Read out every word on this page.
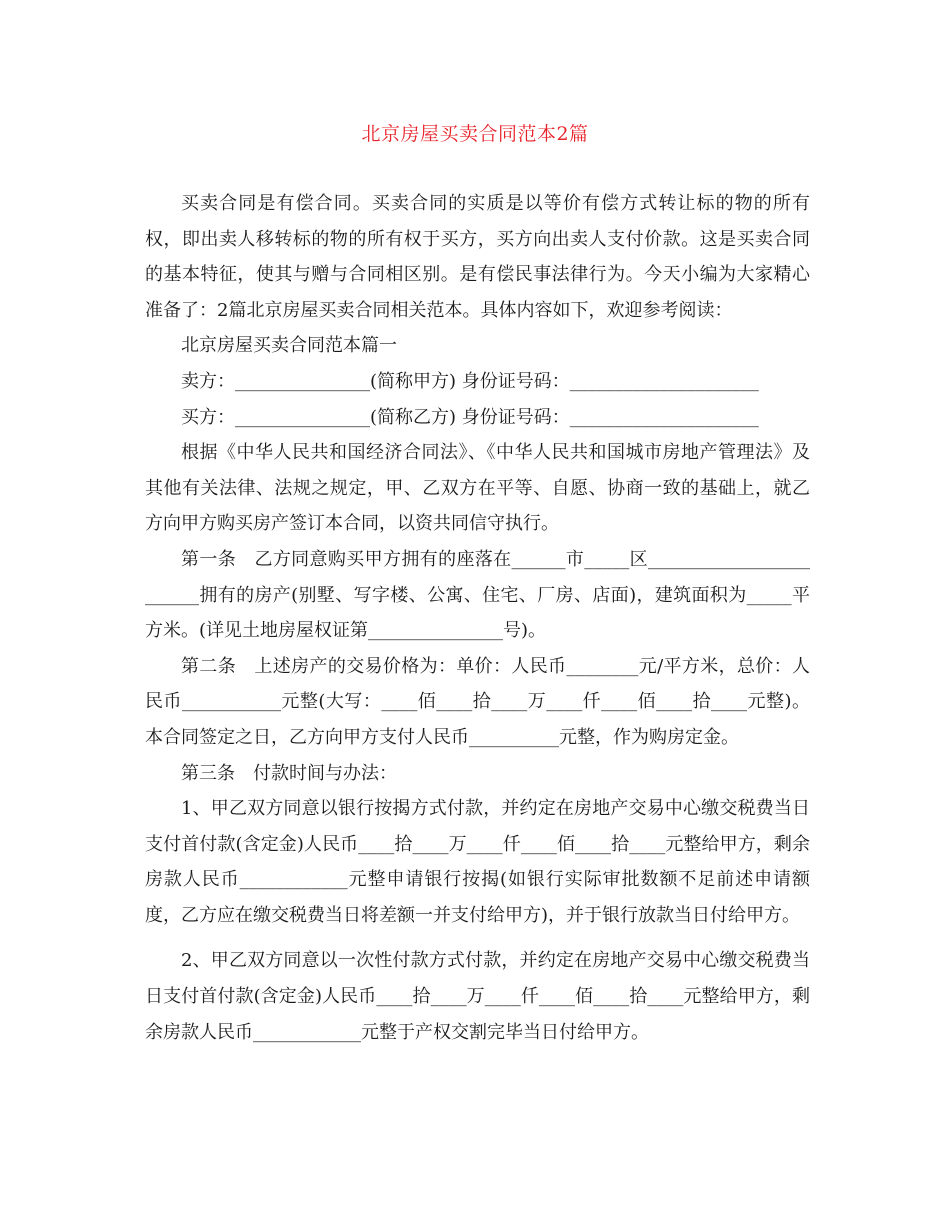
北京房屋买卖合同范本2篇

买卖合同是有偿合同。买卖合同的实质是以等价有偿方式转让标的物的所有权，即出卖人移转标的物的所有权于买方，买方向出卖人支付价款。这是买卖合同的基本特征，使其与赠与合同相区别。是有偿民事法律行为。今天小编为大家精心准备了：2篇北京房屋买卖合同相关范本。具体内容如下，欢迎参考阅读：

北京房屋买卖合同范本篇一

卖方：_______________(简称甲方) 身份证号码：_____________________

买方：_______________(简称乙方) 身份证号码：_____________________

根据《中华人民共和国经济合同法》、《中华人民共和国城市房地产管理法》及其他有关法律、法规之规定，甲、乙双方在平等、自愿、协商一致的基础上，就乙方向甲方购买房产签订本合同，以资共同信守执行。

第一条　乙方同意购买甲方拥有的座落在______市_____区________________________拥有的房产(别墅、写字楼、公寓、住宅、厂房、店面)，建筑面积为_____平方米。(详见土地房屋权证第_______________号)。

第二条　上述房产的交易价格为：单价：人民币________元/平方米，总价：人民币___________元整(大写：____佰____拾____万____仟____佰____拾____元整)。本合同签定之日，乙方向甲方支付人民币__________元整，作为购房定金。

第三条　付款时间与办法：

1、甲乙双方同意以银行按揭方式付款，并约定在房地产交易中心缴交税费当日支付首付款(含定金)人民币____拾____万____仟____佰____拾____元整给甲方，剩余房款人民币____________元整申请银行按揭(如银行实际审批数额不足前述申请额度，乙方应在缴交税费当日将差额一并支付给甲方)，并于银行放款当日付给甲方。

2、甲乙双方同意以一次性付款方式付款，并约定在房地产交易中心缴交税费当日支付首付款(含定金)人民币____拾____万____仟____佰____拾____元整给甲方，剩余房款人民币____________元整于产权交割完毕当日付给甲方。
